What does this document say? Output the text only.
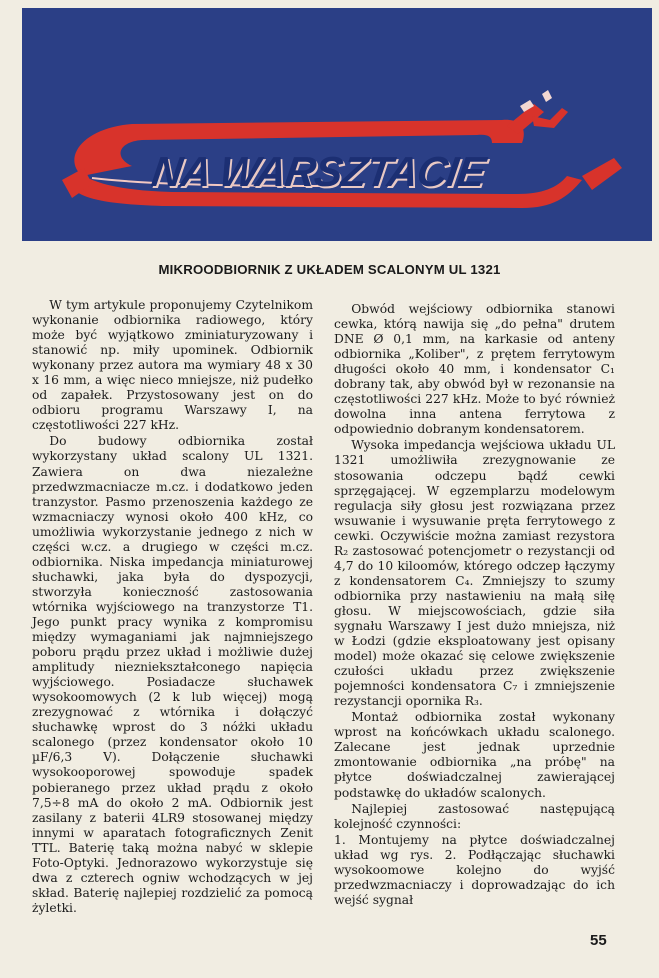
NA WARSZTACIE
MIKROODBIORNIK Z UKŁADEM SCALONYM UL 1321

W tym artykule proponujemy Czytelnikom wykonanie odbiornika radiowego, który może być wyjątkowo zminiaturyzowany i stanowić np. miły upominek. Odbiornik wykonany przez autora ma wymiary 48 x 30 x 16 mm, a więc nieco mniejsze, niż pudełko od zapałek. Przystosowany jest on do odbioru programu Warszawy I, na częstotliwości 227 kHz.

Do budowy odbiornika został wykorzystany układ scalony UL 1321. Zawiera on dwa niezależne przedwzmacniacze m.cz. i dodatkowo jeden tranzystor. Pasmo przenoszenia każdego ze wzmacniaczy wynosi około 400 kHz, co umożliwia wykorzystanie jednego z nich w części w.cz. a drugiego w części m.cz. odbiornika. Niska impedancja miniaturowej słuchawki, jaka była do dyspozycji, stworzyła konieczność zastosowania wtórnika wyjściowego na tranzystorze T1. Jego punkt pracy wynika z kompromisu między wymaganiami jak najmniejszego poboru prądu przez układ i możliwie dużej amplitudy niezniekształconego napięcia wyjściowego. Posiadacze słuchawek wysokoomowych (2 k lub więcej) mogą zrezygnować z wtórnika i dołączyć słuchawkę wprost do 3 nóżki układu scalonego (przez kondensator około 10 µF/6,3 V). Dołączenie słuchawki wysokooporowej spowoduje spadek pobieranego przez układ prądu z około 7,5÷8 mA do około 2 mA. Odbiornik jest zasilany z baterii 4LR9 stosowanej między innymi w aparatach fotograficznych Zenit TTL. Baterię taką można nabyć w sklepie Foto-Optyki. Jednorazowo wykorzystuje się dwa z czterech ogniw wchodzących w jej skład. Baterię najlepiej rozdzielić za pomocą żyletki.

Obwód wejściowy odbiornika stanowi cewka, którą nawija się „do pełna" drutem DNE Ø 0,1 mm, na karkasie od anteny odbiornika „Koliber", z prętem ferrytowym długości około 40 mm, i kondensator C₁ dobrany tak, aby obwód był w rezonansie na częstotliwości 227 kHz. Może to być również dowolna inna antena ferrytowa z odpowiednio dobranym kondensatorem.

Wysoka impedancja wejściowa układu UL 1321 umożliwiła zrezygnowanie ze stosowania odczepu bądź cewki sprzęgającej. W egzemplarzu modelowym regulacja siły głosu jest rozwiązana przez wsuwanie i wysuwanie pręta ferrytowego z cewki. Oczywiście można zamiast rezystora R₂ zastosować potencjometr o rezystancji od 4,7 do 10 kiloomów, którego odczep łączymy z kondensatorem C₄. Zmniejszy to szumy odbiornika przy nastawieniu na małą siłę głosu. W miejscowościach, gdzie siła sygnału Warszawy I jest dużo mniejsza, niż w Łodzi (gdzie eksploatowany jest opisany model) może okazać się celowe zwiększenie czułości układu przez zwiększenie pojemności kondensatora C₇ i zmniejszenie rezystancji opornika R₃.

Montaż odbiornika został wykonany wprost na końcówkach układu scalonego. Zalecane jest jednak uprzednie zmontowanie odbiornika „na próbę" na płytce doświadczalnej zawierającej podstawkę do układów scalonych.

Najlepiej zastosować następującą kolejność czynności:

1. Montujemy na płytce doświadczalnej układ wg rys. 2. Podłączając słuchawki wysokoomowe kolejno do wyjść przedwzmacniaczy i doprowadzając do ich wejść sygnał

55
